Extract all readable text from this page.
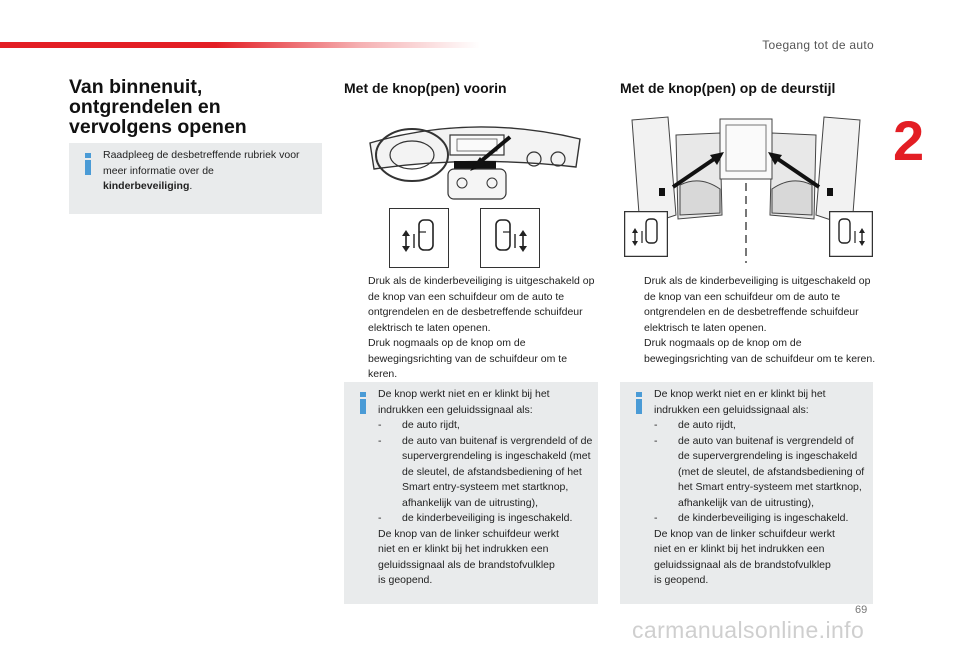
Toegang tot de auto
2
Van binnenuit, ontgrendelen en vervolgens openen
Raadpleeg de desbetreffende rubriek voor meer informatie over de kinderbeveiliging.
Met de knop(pen) voorin
Druk als de kinderbeveiliging is uitgeschakeld op de knop van een schuifdeur om de auto te ontgrendelen en de desbetreffende schuifdeur elektrisch te laten openen.
Druk nogmaals op de knop om de bewegingsrichting van de schuifdeur om te keren.
De knop werkt niet en er klinkt bij het indrukken een geluidssignaal als:
- de auto rijdt,
- de auto van buitenaf is vergrendeld of de supervergrendeling is ingeschakeld (met de sleutel, de afstandsbediening of het Smart entry-systeem met startknop, afhankelijk van de uitrusting),
- de kinderbeveiliging is ingeschakeld.
De knop van de linker schuifdeur werkt niet en er klinkt bij het indrukken een geluidssignaal als de brandstofvulklep is geopend.
Met de knop(pen) op de deurstijl
Druk als de kinderbeveiliging is uitgeschakeld op de knop van een schuifdeur om de auto te ontgrendelen en de desbetreffende schuifdeur elektrisch te laten openen.
Druk nogmaals op de knop om de bewegingsrichting van de schuifdeur om te keren.
De knop werkt niet en er klinkt bij het indrukken een geluidssignaal als:
- de auto rijdt,
- de auto van buitenaf is vergrendeld of de supervergrendeling is ingeschakeld (met de sleutel, de afstandsbediening of het Smart entry-systeem met startknop, afhankelijk van de uitrusting),
- de kinderbeveiliging is ingeschakeld.
De knop van de linker schuifdeur werkt niet en er klinkt bij het indrukken een geluidssignaal als de brandstofvulklep is geopend.
69
carmanualsonline.info
